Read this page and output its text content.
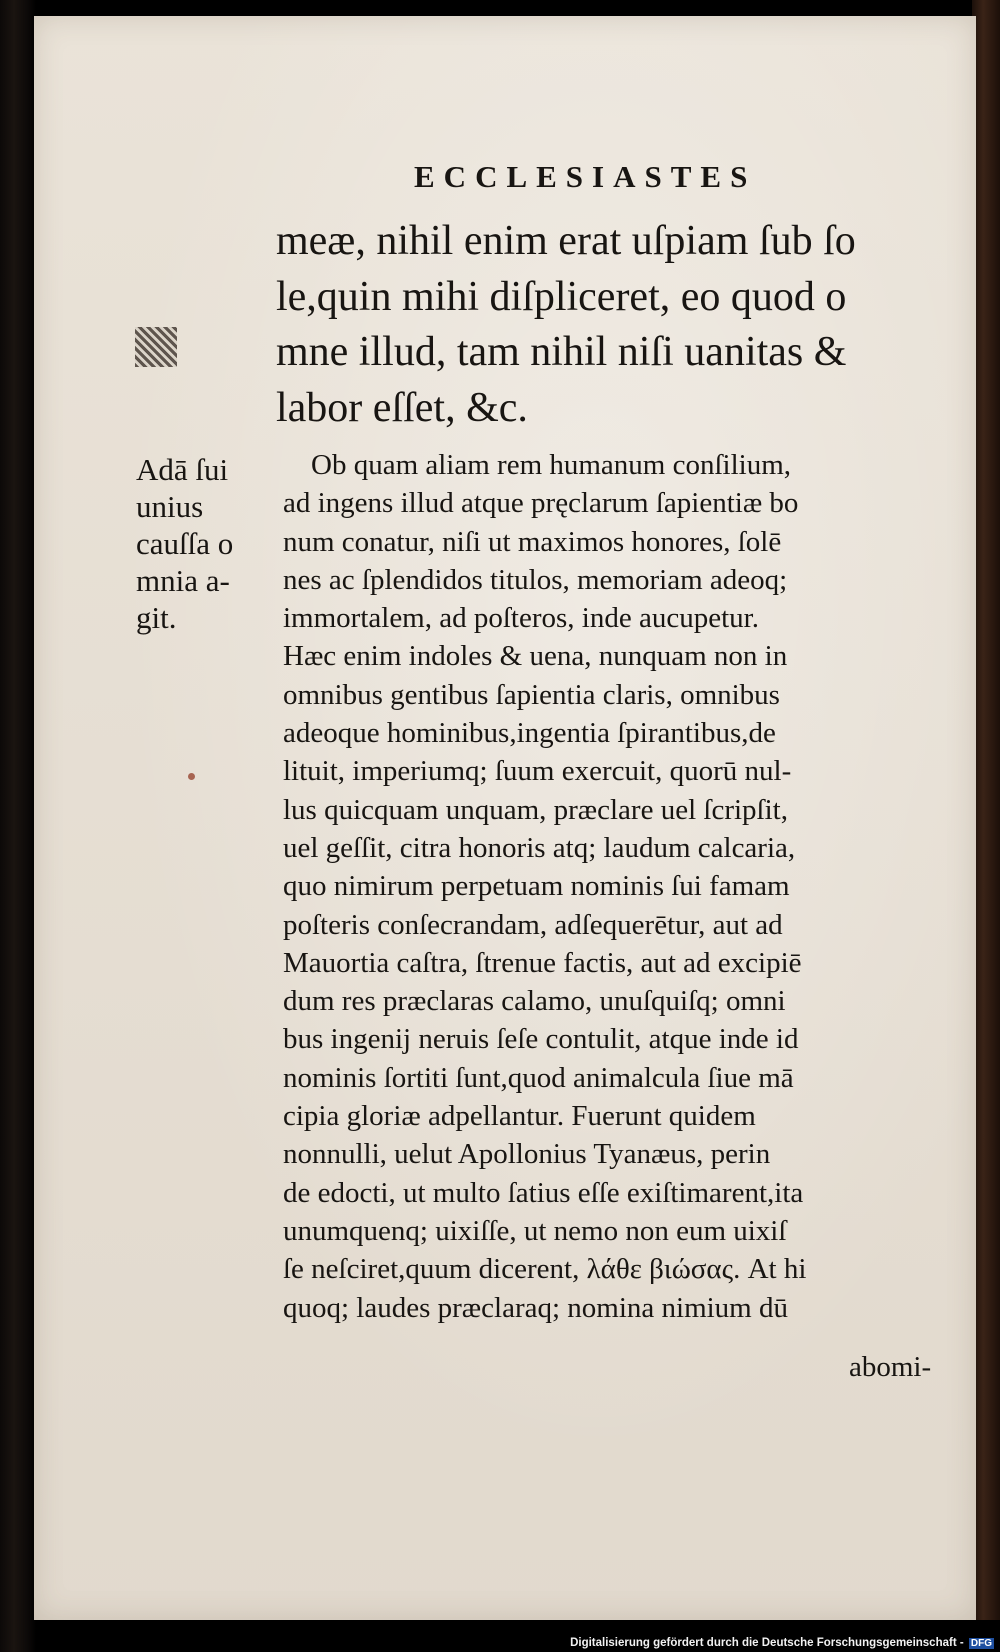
ECCLESIASTES
meæ, nihil enim erat uſpiam ſub ſo
le,quin mihi diſpliceret, eo quod o
mne illud, tam nihil niſi uanitas &
labor eſſet, &c.
Adā ſui
unius
cauſſa o
mnia a-
git.
Ob quam aliam rem humanum conſilium,
ad ingens illud atque pręclarum ſapientiæ bo
num conatur, niſi ut maximos honores, ſolē
nes ac ſplendidos titulos, memoriam adeoq;
immortalem, ad poſteros, inde aucupetur.
Hæc enim indoles & uena, nunquam non in
omnibus gentibus ſapientia claris, omnibus
adeoque hominibus,ingentia ſpirantibus,de
lituit, imperiumq; ſuum exercuit, quorū nul-
lus quicquam unquam, præclare uel ſcripſit,
uel geſſit, citra honoris atq; laudum calcaria,
quo nimirum perpetuam nominis ſui famam
poſteris conſecrandam, adſequerētur, aut ad
Mauortia caſtra, ſtrenue factis, aut ad excipiē
dum res præclaras calamo, unuſquiſq; omni
bus ingenij neruis ſeſe contulit, atque inde id
nominis ſortiti ſunt,quod animalcula ſiue mā
cipia gloriæ adpellantur. Fuerunt quidem
nonnulli, uelut Apollonius Tyanæus, perin
de edocti, ut multo ſatius eſſe exiſtimarent,ita
unumquenq; uixiſſe, ut nemo non eum uixiſ
ſe neſciret,quum dicerent, λάθε βιώσας. At hi
quoq; laudes præclaraq; nomina nimium dū
abomi-
Digitalisierung gefördert durch die Deutsche Forschungsgemeinschaft - DFG
